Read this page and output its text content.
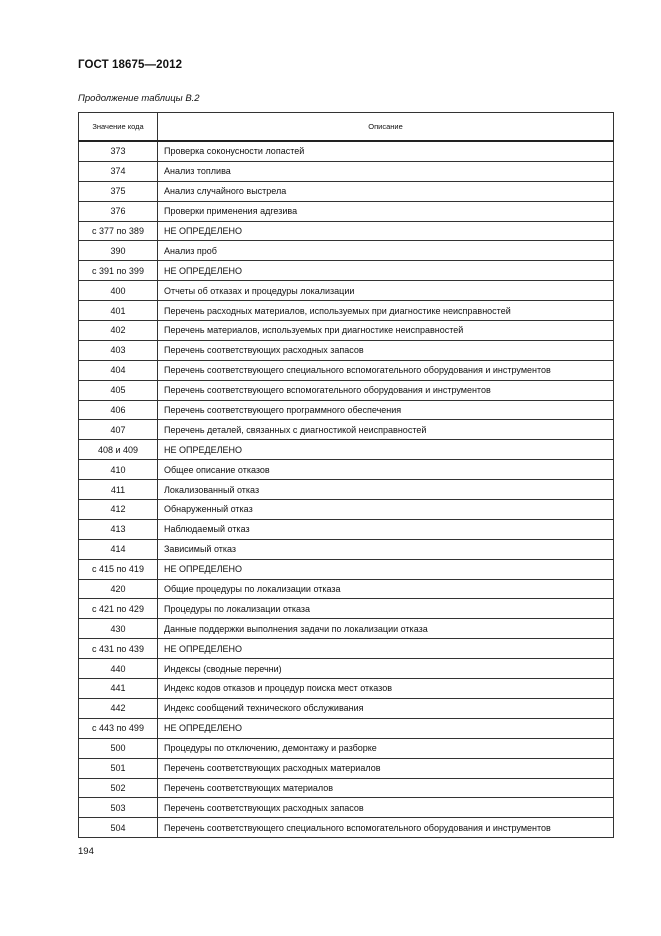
ГОСТ 18675—2012
Продолжение таблицы В.2
Значение кода	Описание
373	Проверка соконусности лопастей
374	Анализ топлива
375	Анализ случайного выстрела
376	Проверки применения адгезива
с 377 по 389	НЕ ОПРЕДЕЛЕНО
390	Анализ проб
с 391 по 399	НЕ ОПРЕДЕЛЕНО
400	Отчеты об отказах и процедуры локализации
401	Перечень расходных материалов, используемых при диагностике неисправностей
402	Перечень материалов, используемых при диагностике неисправностей
403	Перечень соответствующих расходных запасов
404	Перечень соответствующего специального вспомогательного оборудования и инструментов
405	Перечень соответствующего вспомогательного оборудования и инструментов
406	Перечень соответствующего программного обеспечения
407	Перечень деталей, связанных с диагностикой неисправностей
408 и 409	НЕ ОПРЕДЕЛЕНО
410	Общее описание отказов
411	Локализованный отказ
412	Обнаруженный отказ
413	Наблюдаемый отказ
414	Зависимый отказ
с 415 по 419	НЕ ОПРЕДЕЛЕНО
420	Общие процедуры по локализации отказа
с 421 по 429	Процедуры по локализации отказа
430	Данные поддержки выполнения задачи по локализации отказа
с 431 по 439	НЕ ОПРЕДЕЛЕНО
440	Индексы (сводные перечни)
441	Индекс кодов отказов и процедур поиска мест отказов
442	Индекс сообщений технического обслуживания
с 443 по 499	НЕ ОПРЕДЕЛЕНО
500	Процедуры по отключению, демонтажу и разборке
501	Перечень соответствующих расходных материалов
502	Перечень соответствующих материалов
503	Перечень соответствующих расходных запасов
504	Перечень соответствующего специального вспомогательного оборудования и инструментов
194
